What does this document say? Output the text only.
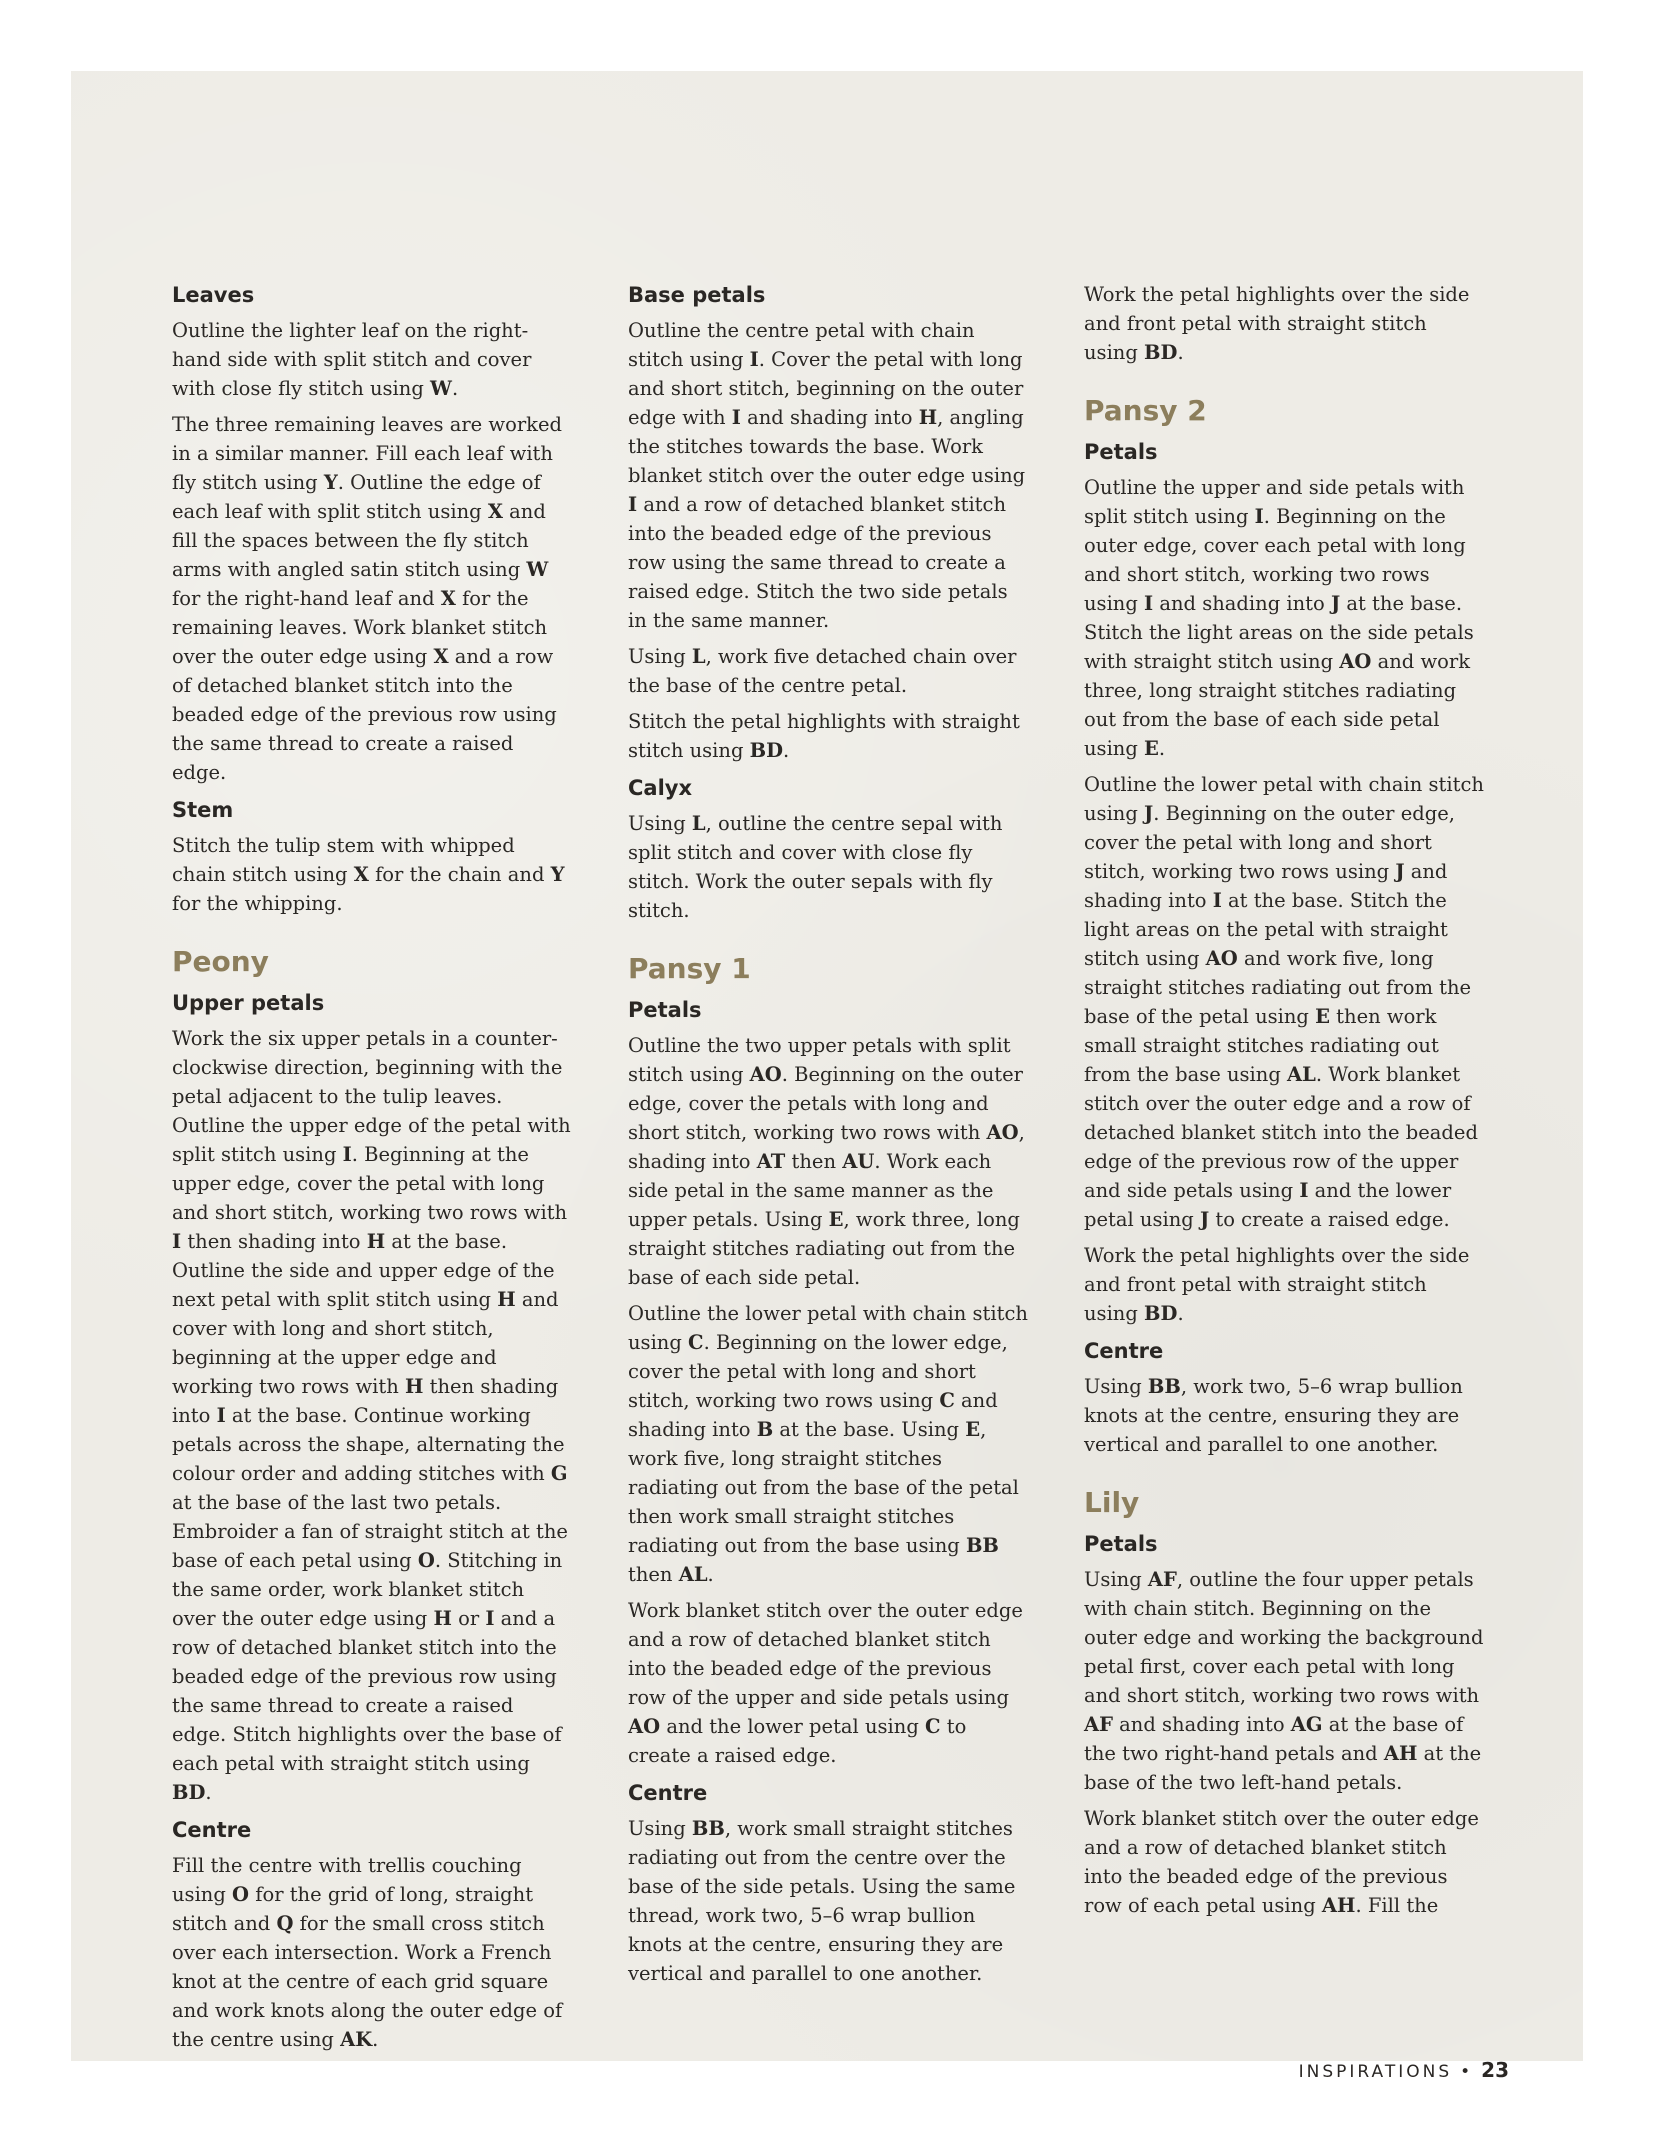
Leaves

Outline the lighter leaf on the right-hand side with split stitch and cover with close fly stitch using W.

The three remaining leaves are worked in a similar manner. Fill each leaf with fly stitch using Y. Outline the edge of each leaf with split stitch using X and fill the spaces between the fly stitch arms with angled satin stitch using W for the right-hand leaf and X for the remaining leaves. Work blanket stitch over the outer edge using X and a row of detached blanket stitch into the beaded edge of the previous row using the same thread to create a raised edge.

Stem

Stitch the tulip stem with whipped chain stitch using X for the chain and Y for the whipping.

Peony
Upper petals

Work the six upper petals in a counter-clockwise direction, beginning with the petal adjacent to the tulip leaves. Outline the upper edge of the petal with split stitch using I. Beginning at the upper edge, cover the petal with long and short stitch, working two rows with I then shading into H at the base. Outline the side and upper edge of the next petal with split stitch using H and cover with long and short stitch, beginning at the upper edge and working two rows with H then shading into I at the base. Continue working petals across the shape, alternating the colour order and adding stitches with G at the base of the last two petals. Embroider a fan of straight stitch at the base of each petal using O. Stitching in the same order, work blanket stitch over the outer edge using H or I and a row of detached blanket stitch into the beaded edge of the previous row using the same thread to create a raised edge. Stitch highlights over the base of each petal with straight stitch using BD.

Centre

Fill the centre with trellis couching using O for the grid of long, straight stitch and Q for the small cross stitch over each intersection. Work a French knot at the centre of each grid square and work knots along the outer edge of the centre using AK.

Base petals

Outline the centre petal with chain stitch using I. Cover the petal with long and short stitch, beginning on the outer edge with I and shading into H, angling the stitches towards the base. Work blanket stitch over the outer edge using I and a row of detached blanket stitch into the beaded edge of the previous row using the same thread to create a raised edge. Stitch the two side petals in the same manner.

Using L, work five detached chain over the base of the centre petal.

Stitch the petal highlights with straight stitch using BD.

Calyx

Using L, outline the centre sepal with split stitch and cover with close fly stitch. Work the outer sepals with fly stitch.

Pansy 1
Petals

Outline the two upper petals with split stitch using AO. Beginning on the outer edge, cover the petals with long and short stitch, working two rows with AO, shading into AT then AU. Work each side petal in the same manner as the upper petals. Using E, work three, long straight stitches radiating out from the base of each side petal.

Outline the lower petal with chain stitch using C. Beginning on the lower edge, cover the petal with long and short stitch, working two rows using C and shading into B at the base. Using E, work five, long straight stitches radiating out from the base of the petal then work small straight stitches radiating out from the base using BB then AL.

Work blanket stitch over the outer edge and a row of detached blanket stitch into the beaded edge of the previous row of the upper and side petals using AO and the lower petal using C to create a raised edge.

Centre

Using BB, work small straight stitches radiating out from the centre over the base of the side petals. Using the same thread, work two, 5–6 wrap bullion knots at the centre, ensuring they are vertical and parallel to one another.

Work the petal highlights over the side and front petal with straight stitch using BD.

Pansy 2
Petals

Outline the upper and side petals with split stitch using I. Beginning on the outer edge, cover each petal with long and short stitch, working two rows using I and shading into J at the base. Stitch the light areas on the side petals with straight stitch using AO and work three, long straight stitches radiating out from the base of each side petal using E.

Outline the lower petal with chain stitch using J. Beginning on the outer edge, cover the petal with long and short stitch, working two rows using J and shading into I at the base. Stitch the light areas on the petal with straight stitch using AO and work five, long straight stitches radiating out from the base of the petal using E then work small straight stitches radiating out from the base using AL. Work blanket stitch over the outer edge and a row of detached blanket stitch into the beaded edge of the previous row of the upper and side petals using I and the lower petal using J to create a raised edge.

Work the petal highlights over the side and front petal with straight stitch using BD.

Centre

Using BB, work two, 5–6 wrap bullion knots at the centre, ensuring they are vertical and parallel to one another.

Lily
Petals

Using AF, outline the four upper petals with chain stitch. Beginning on the outer edge and working the background petal first, cover each petal with long and short stitch, working two rows with AF and shading into AG at the base of the two right-hand petals and AH at the base of the two left-hand petals.

Work blanket stitch over the outer edge and a row of detached blanket stitch into the beaded edge of the previous row of each petal using AH. Fill the

INSPIRATIONS • 23
